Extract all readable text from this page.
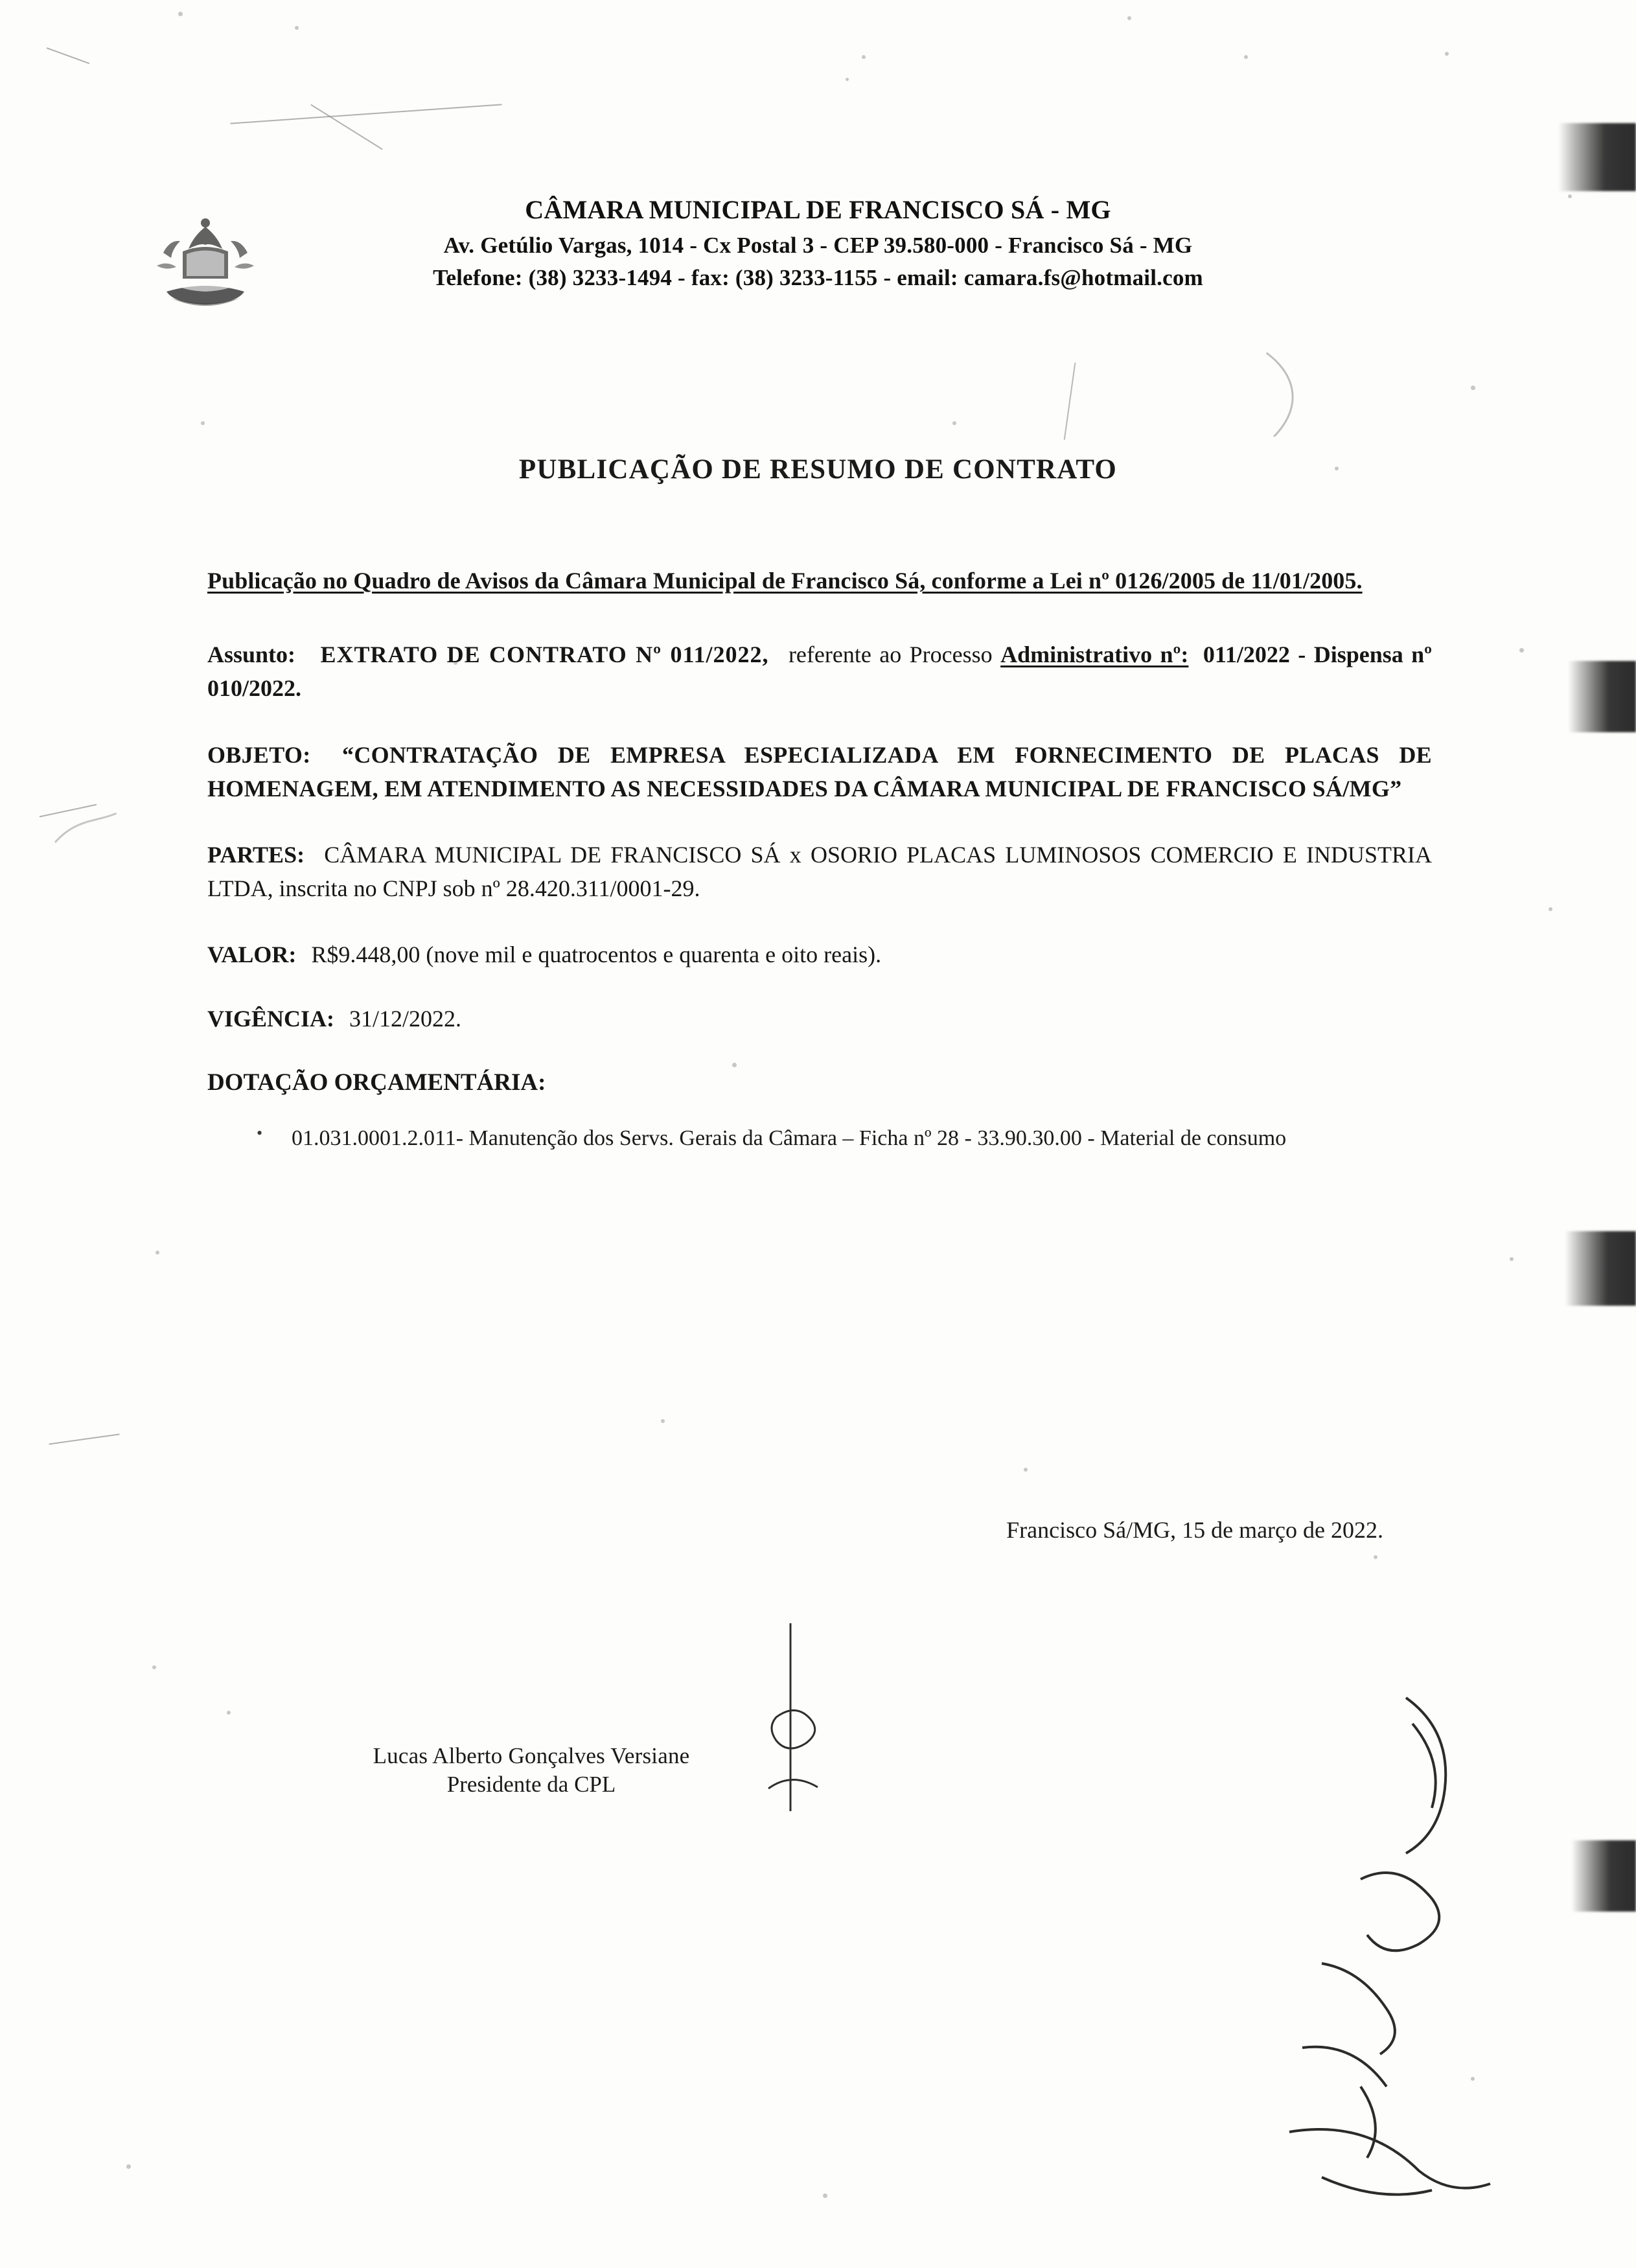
CÂMARA MUNICIPAL DE FRANCISCO SÁ - MG
Av. Getúlio Vargas, 1014 - Cx Postal 3 - CEP 39.580-000 - Francisco Sá - MG
Telefone: (38) 3233-1494 - fax: (38) 3233-1155 - email: camara.fs@hotmail.com
PUBLICAÇÃO DE RESUMO DE CONTRATO
Publicação no Quadro de Avisos da Câmara Municipal de Francisco Sá, conforme a Lei nº 0126/2005 de 11/01/2005.
Assunto: EXTRATO DE CONTRATO Nº 011/2022, referente ao Processo Administrativo nº: 011/2022 - Dispensa nº 010/2022.
OBJETO: “CONTRATAÇÃO DE EMPRESA ESPECIALIZADA EM FORNECIMENTO DE PLACAS DE HOMENAGEM, EM ATENDIMENTO AS NECESSIDADES DA CÂMARA MUNICIPAL DE FRANCISCO SÁ/MG”
PARTES: CÂMARA MUNICIPAL DE FRANCISCO SÁ x OSORIO PLACAS LUMINOSOS COMERCIO E INDUSTRIA LTDA, inscrita no CNPJ sob nº 28.420.311/0001-29.
VALOR: R$9.448,00 (nove mil e quatrocentos e quarenta e oito reais).
VIGÊNCIA: 31/12/2022.
DOTAÇÃO ORÇAMENTÁRIA:
• 01.031.0001.2.011- Manutenção dos Servs. Gerais da Câmara – Ficha nº 28 - 33.90.30.00 - Material de consumo
Francisco Sá/MG, 15 de março de 2022.
Lucas Alberto Gonçalves Versiane
Presidente da CPL
